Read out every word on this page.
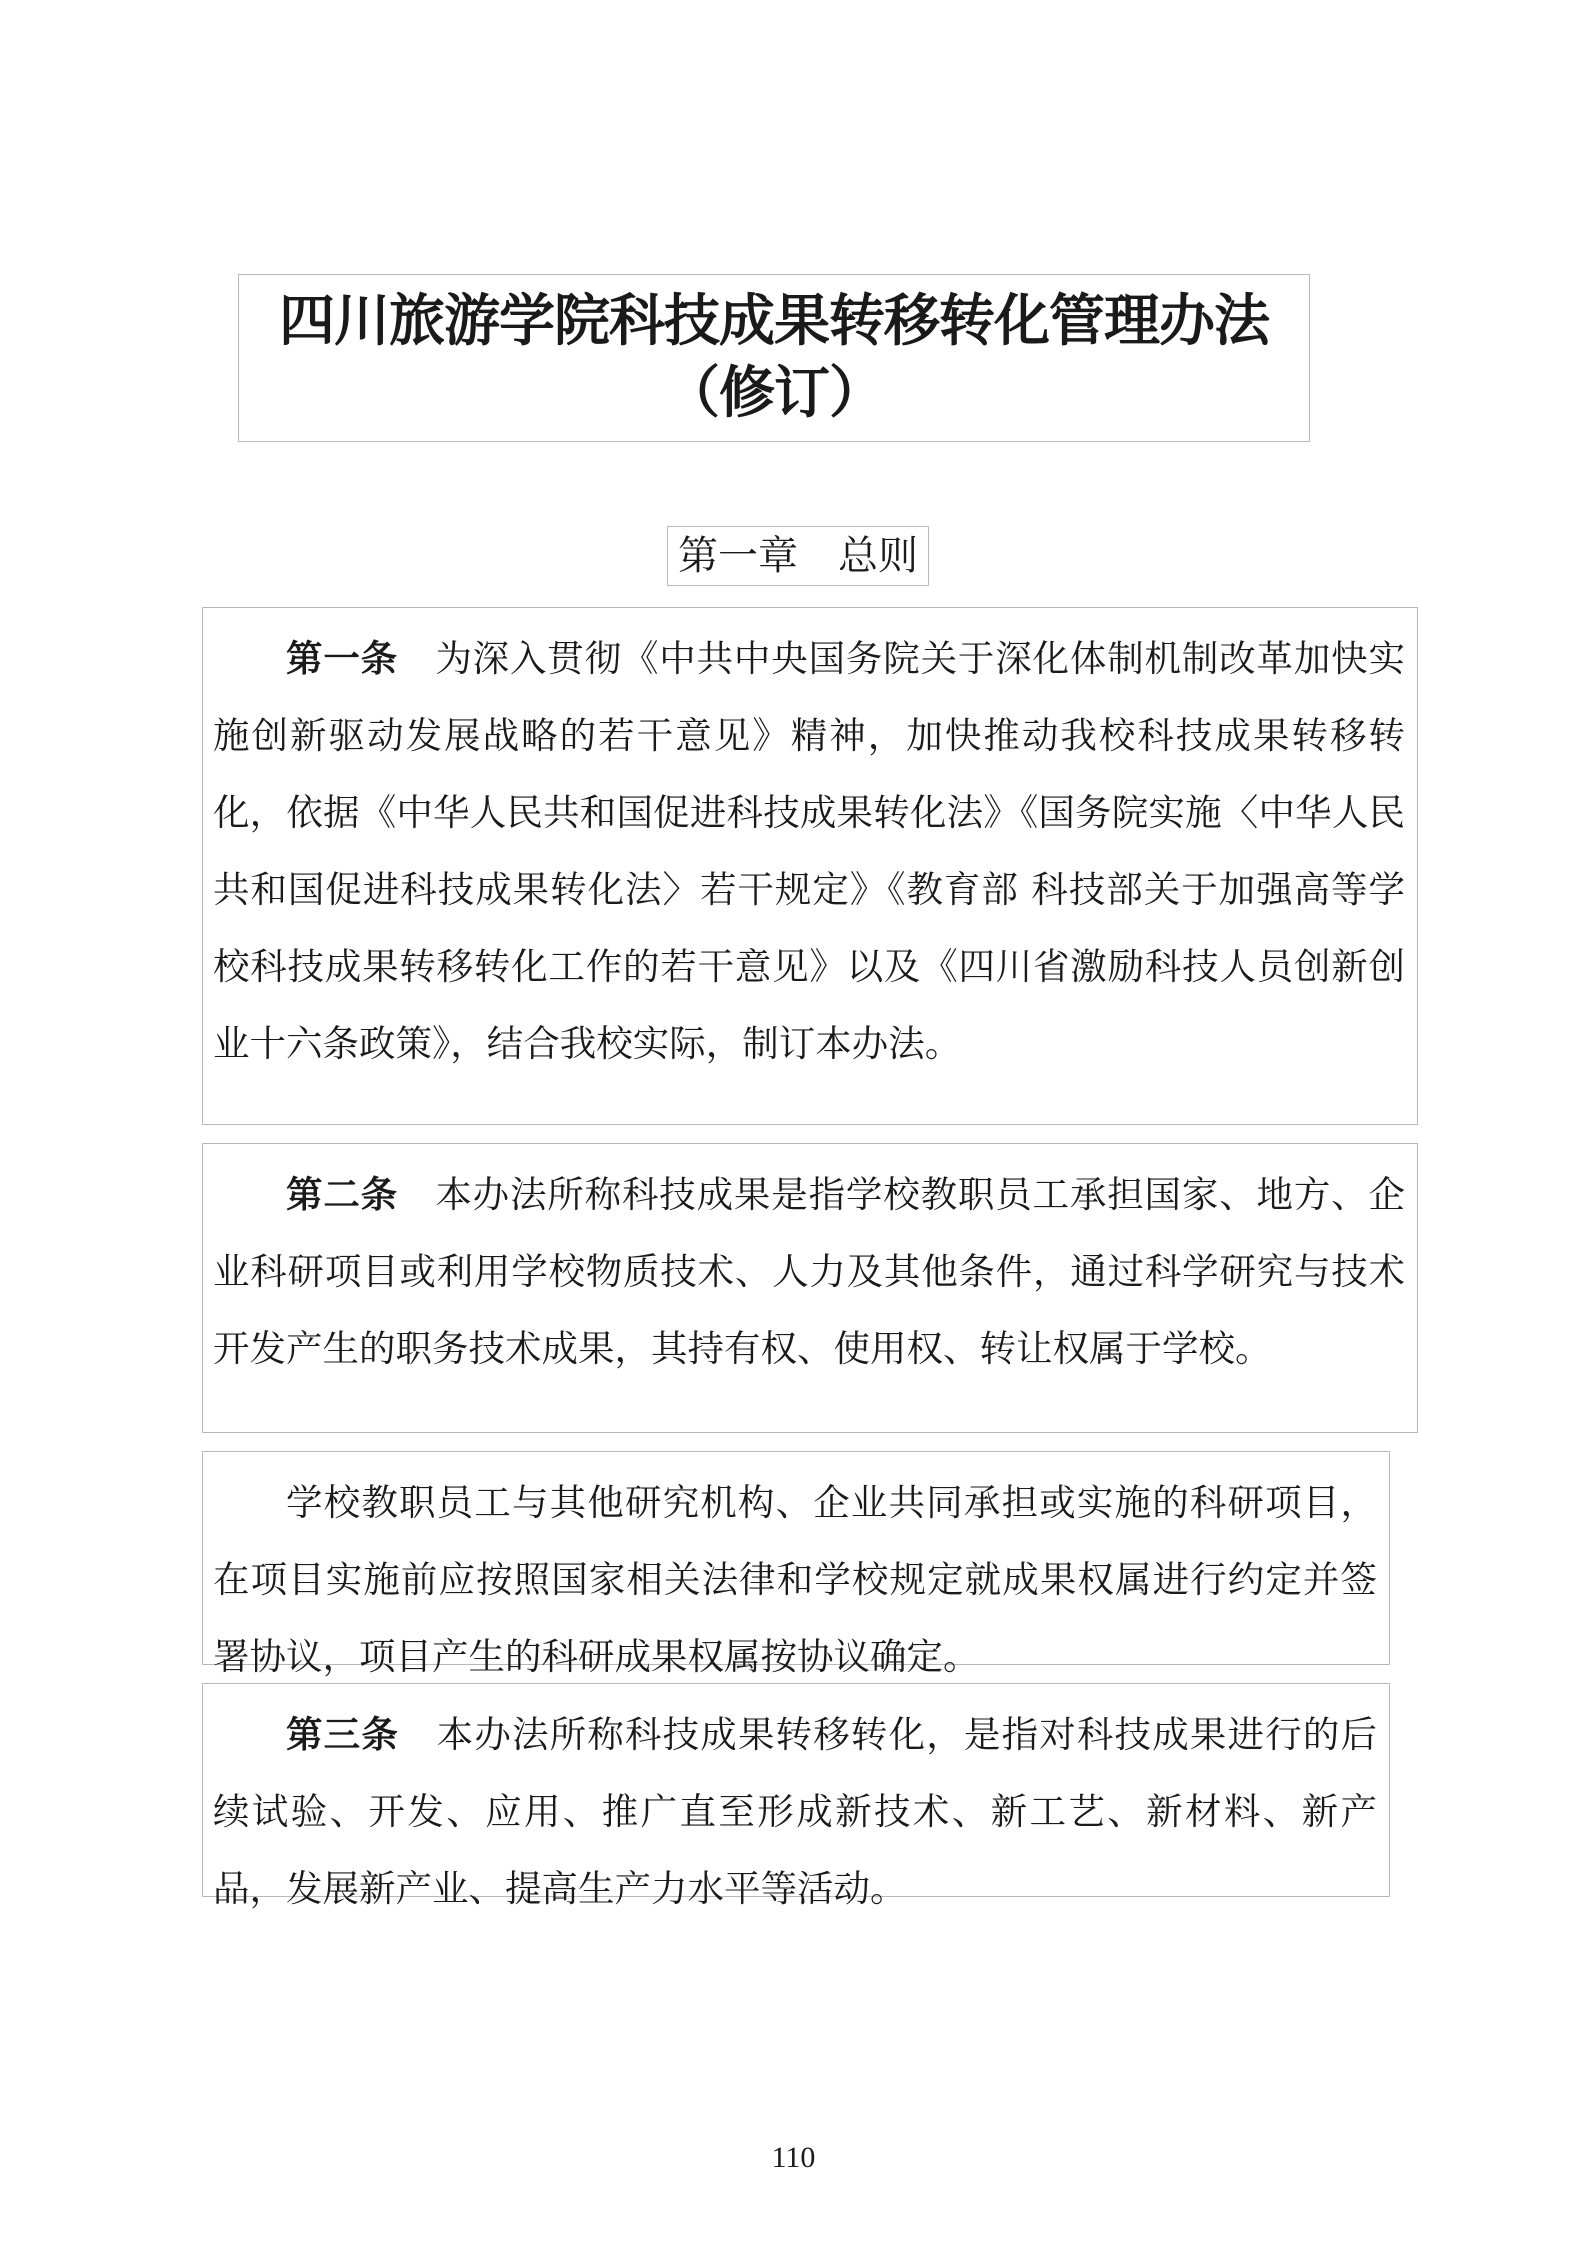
四川旅游学院科技成果转移转化管理办法
（修订）
第一章　总则
第一条　 为深入贯彻《中共中央国务院关于深化体制机制改革加快实施创新驱动发展战略的若干意见》精神，加快推动我校科技成果转移转化，依据《中华人民共和国促进科技成果转化法》《国务院实施〈中华人民共和国促进科技成果转化法〉若干规定》《教育部 科技部关于加强高等学校科技成果转移转化工作的若干意见》以及《四川省激励科技人员创新创业十六条政策》，结合我校实际，制订本办法。
第二条　 本办法所称科技成果是指学校教职员工承担国家、地方、企业科研项目或利用学校物质技术、人力及其他条件，通过科学研究与技术开发产生的职务技术成果，其持有权、使用权、转让权属于学校。
学校教职员工与其他研究机构、企业共同承担或实施的科研项目，在项目实施前应按照国家相关法律和学校规定就成果权属进行约定并签署协议，项目产生的科研成果权属按协议确定。
第三条　 本办法所称科技成果转移转化，是指对科技成果进行的后续试验、开发、应用、推广直至形成新技术、新工艺、新材料、新产品，发展新产业、提高生产力水平等活动。
110
